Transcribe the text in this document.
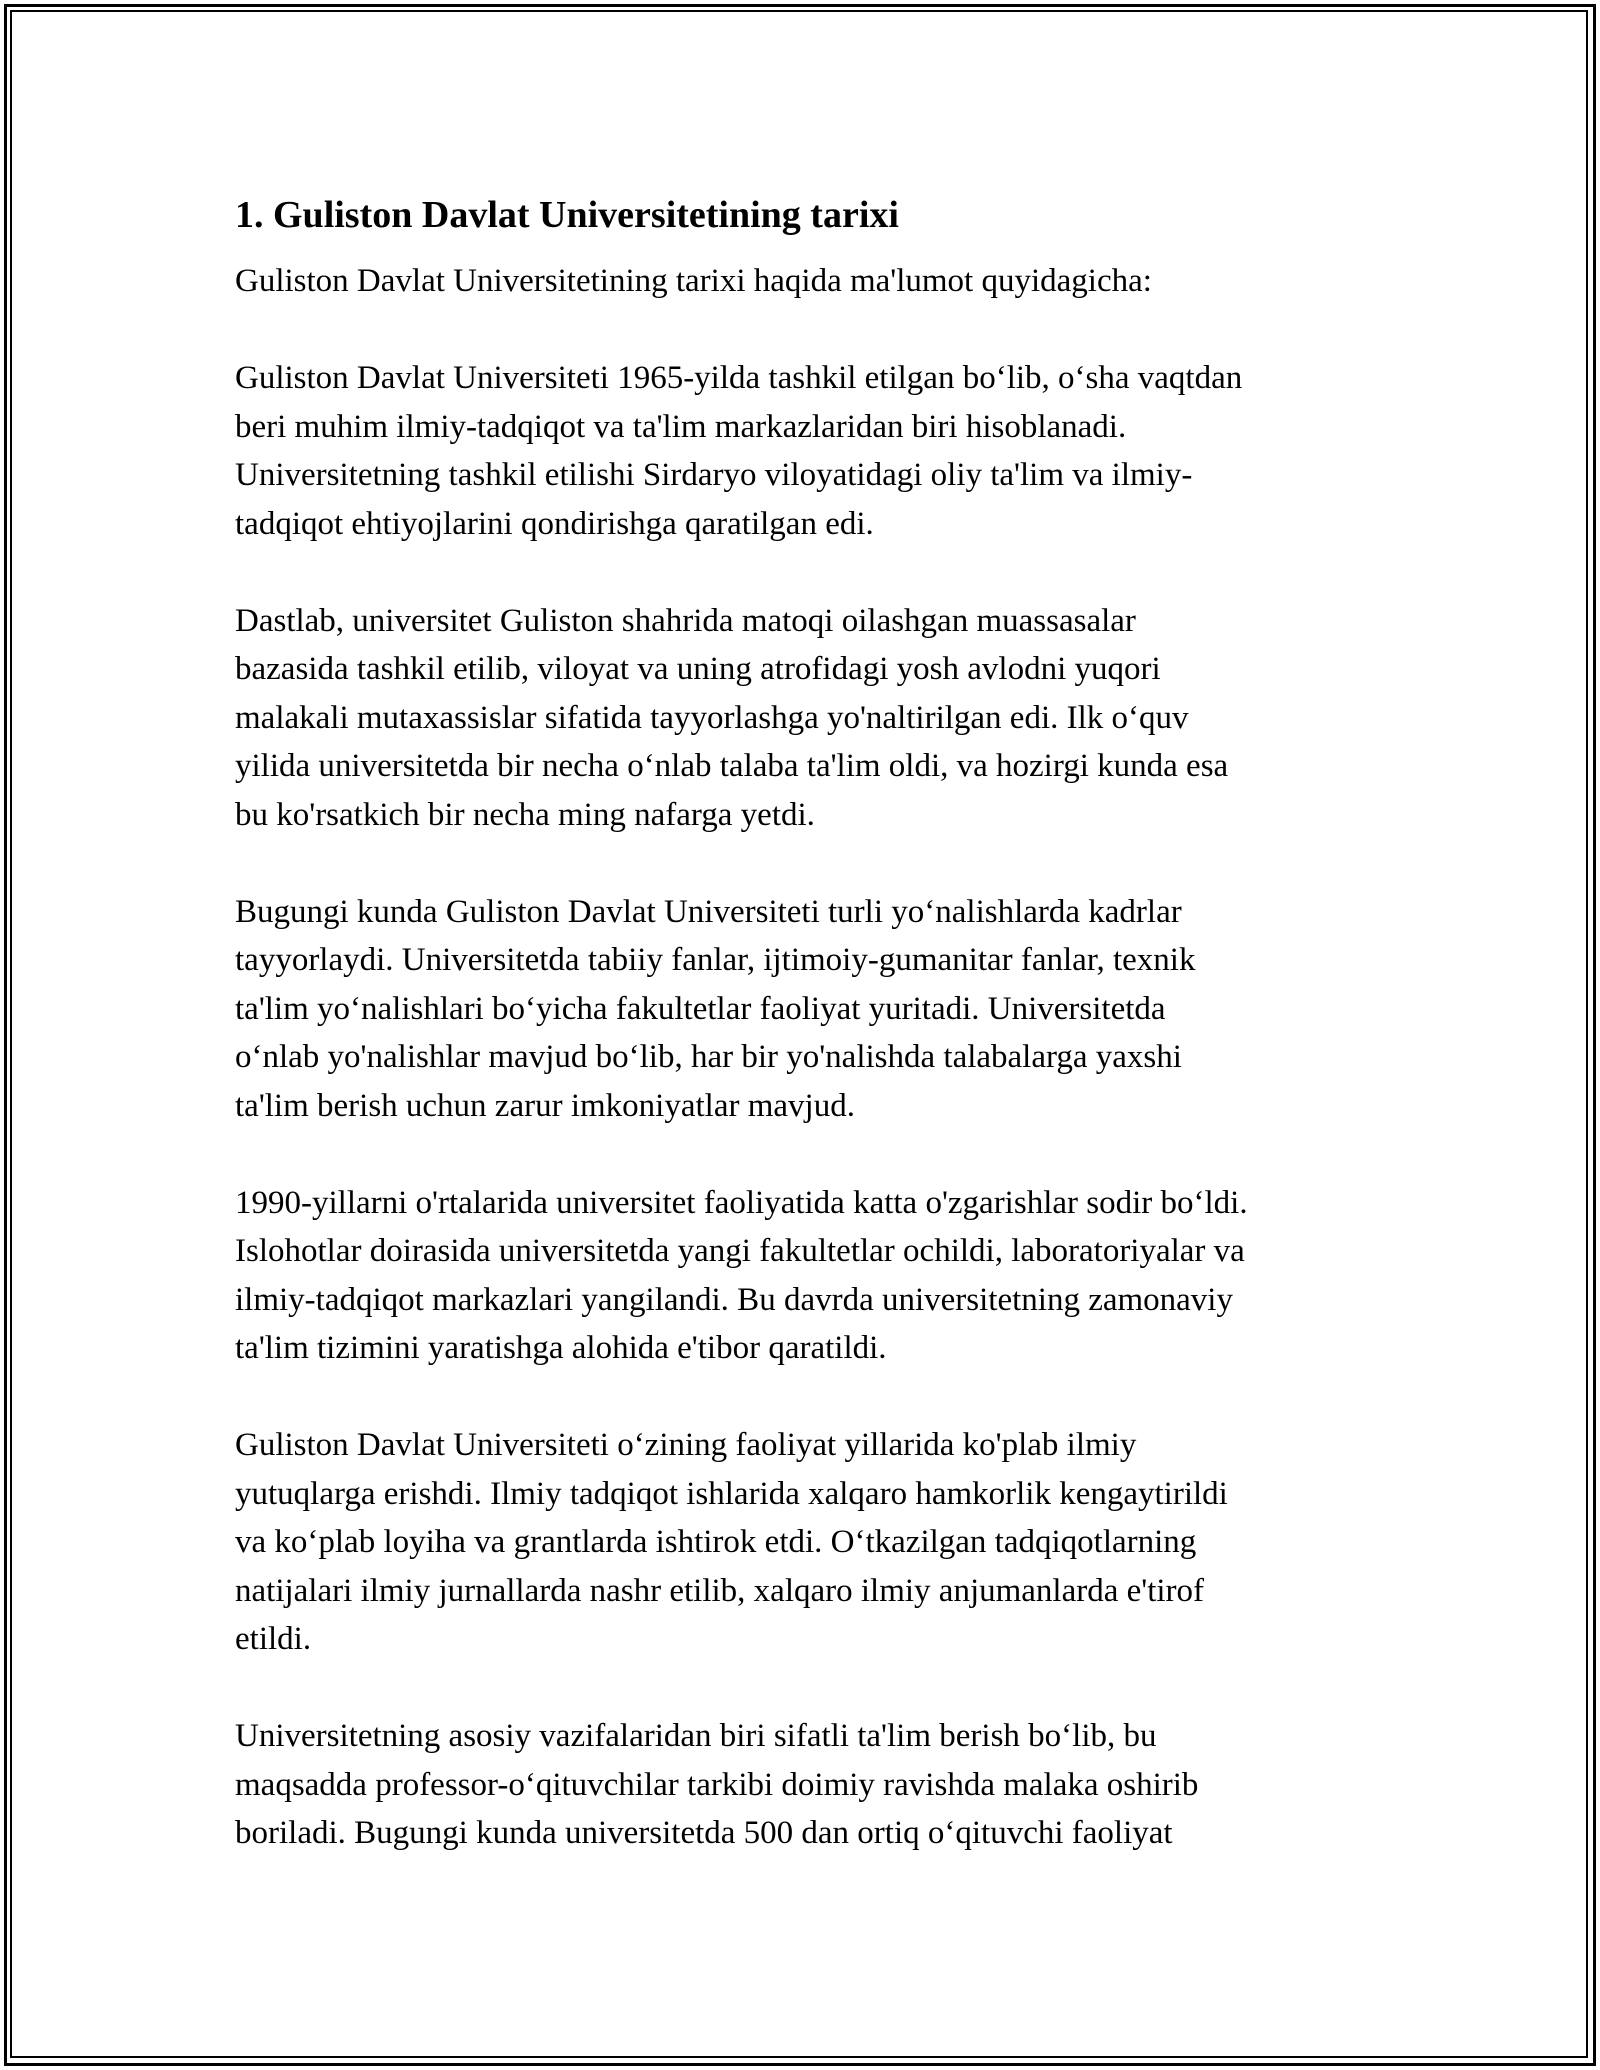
1. Guliston Davlat Universitetining tarixi

Guliston Davlat Universitetining tarixi haqida ma'lumot quyidagicha:

Guliston Davlat Universiteti 1965-yilda tashkil etilgan bo‘lib, o‘sha vaqtdan
beri muhim ilmiy-tadqiqot va ta'lim markazlaridan biri hisoblanadi.
Universitetning tashkil etilishi Sirdaryo viloyatidagi oliy ta'lim va ilmiy-
tadqiqot ehtiyojlarini qondirishga qaratilgan edi.

Dastlab, universitet Guliston shahrida matoqi oilashgan muassasalar
bazasida tashkil etilib, viloyat va uning atrofidagi yosh avlodni yuqori
malakali mutaxassislar sifatida tayyorlashga yo'naltirilgan edi. Ilk o‘quv
yilida universitetda bir necha o‘nlab talaba ta'lim oldi, va hozirgi kunda esa
bu ko'rsatkich bir necha ming nafarga yetdi.

Bugungi kunda Guliston Davlat Universiteti turli yo‘nalishlarda kadrlar
tayyorlaydi. Universitetda tabiiy fanlar, ijtimoiy-gumanitar fanlar, texnik
ta'lim yo‘nalishlari bo‘yicha fakultetlar faoliyat yuritadi. Universitetda
o‘nlab yo'nalishlar mavjud bo‘lib, har bir yo'nalishda talabalarga yaxshi
ta'lim berish uchun zarur imkoniyatlar mavjud.

1990-yillarni o'rtalarida universitet faoliyatida katta o'zgarishlar sodir bo‘ldi.
Islohotlar doirasida universitetda yangi fakultetlar ochildi, laboratoriyalar va
ilmiy-tadqiqot markazlari yangilandi. Bu davrda universitetning zamonaviy
ta'lim tizimini yaratishga alohida e'tibor qaratildi.

Guliston Davlat Universiteti o‘zining faoliyat yillarida ko'plab ilmiy
yutuqlarga erishdi. Ilmiy tadqiqot ishlarida xalqaro hamkorlik kengaytirildi
va ko‘plab loyiha va grantlarda ishtirok etdi. O‘tkazilgan tadqiqotlarning
natijalari ilmiy jurnallarda nashr etilib, xalqaro ilmiy anjumanlarda e'tirof
etildi.

Universitetning asosiy vazifalaridan biri sifatli ta'lim berish bo‘lib, bu
maqsadda professor-o‘qituvchilar tarkibi doimiy ravishda malaka oshirib
boriladi. Bugungi kunda universitetda 500 dan ortiq o‘qituvchi faoliyat
